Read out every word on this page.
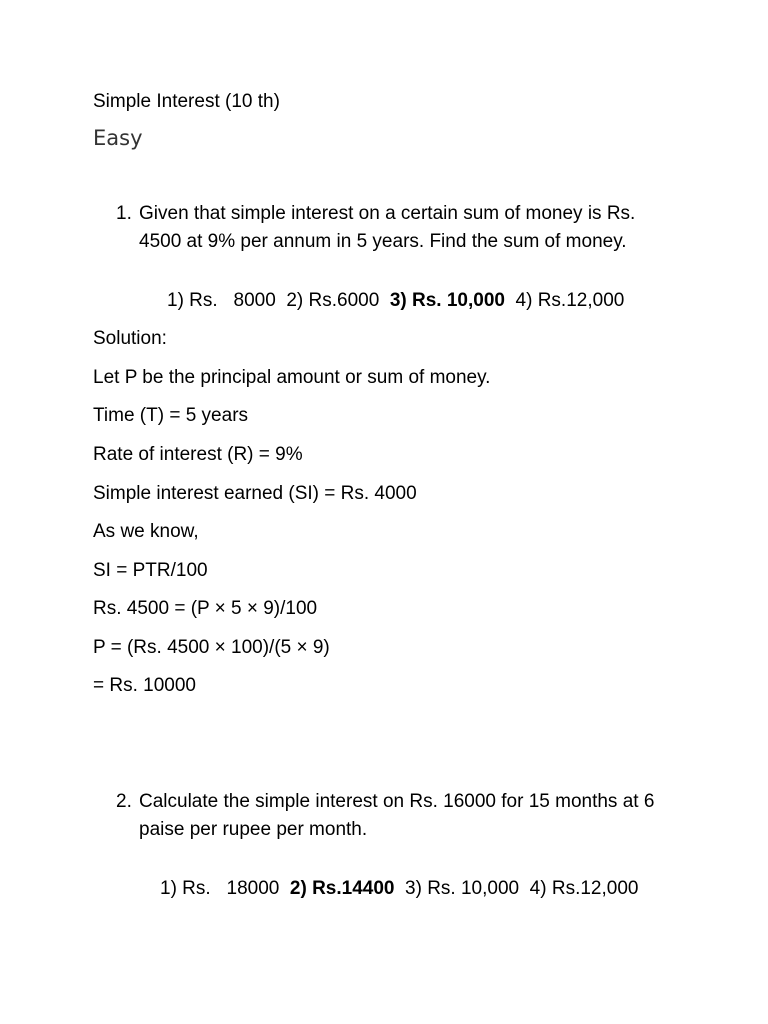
Simple Interest (10 th)
Easy
1. Given that simple interest on a certain sum of money is Rs. 4500 at 9% per annum in 5 years. Find the sum of money.
1) Rs.   8000  2) Rs.6000  3) Rs. 10,000  4) Rs.12,000
Solution:
Let P be the principal amount or sum of money.
Time (T) = 5 years
Rate of interest (R) = 9%
Simple interest earned (SI) = Rs. 4000
As we know,
SI = PTR/100
Rs. 4500 = (P × 5 × 9)/100
P = (Rs. 4500 × 100)/(5 × 9)
= Rs. 10000
2. Calculate the simple interest on Rs. 16000 for 15 months at 6 paise per rupee per month.
1) Rs.   18000  2) Rs.14400  3) Rs. 10,000  4) Rs.12,000
